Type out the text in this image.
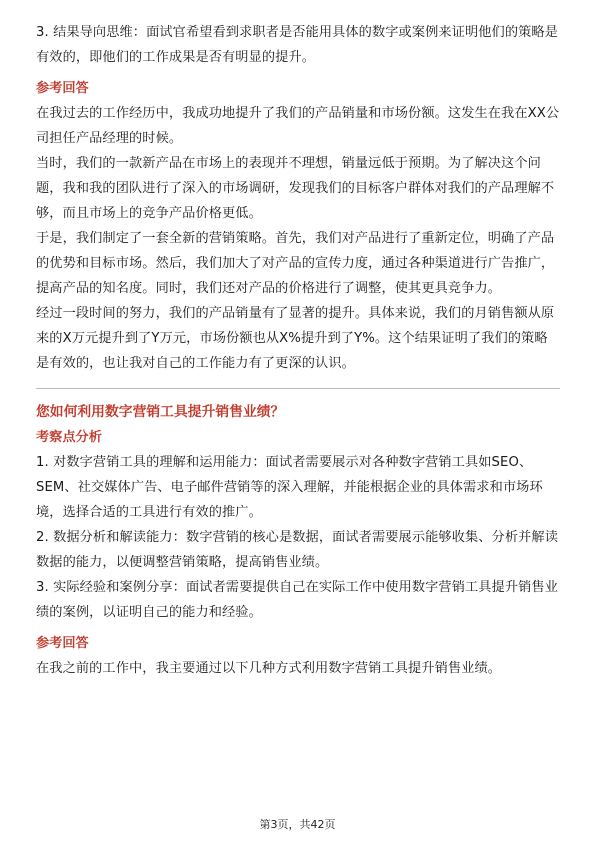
3. 结果导向思维：面试官希望看到求职者是否能用具体的数字或案例来证明他们的策略是有效的，即他们的工作成果是否有明显的提升。

参考回答

在我过去的工作经历中，我成功地提升了我们的产品销量和市场份额。这发生在我在XX公司担任产品经理的时候。

当时，我们的一款新产品在市场上的表现并不理想，销量远低于预期。为了解决这个问题，我和我的团队进行了深入的市场调研，发现我们的目标客户群体对我们的产品理解不够，而且市场上的竞争产品价格更低。

于是，我们制定了一套全新的营销策略。首先，我们对产品进行了重新定位，明确了产品的优势和目标市场。然后，我们加大了对产品的宣传力度，通过各种渠道进行广告推广，提高产品的知名度。同时，我们还对产品的价格进行了调整，使其更具竞争力。

经过一段时间的努力，我们的产品销量有了显著的提升。具体来说，我们的月销售额从原来的X万元提升到了Y万元，市场份额也从X%提升到了Y%。这个结果证明了我们的策略是有效的，也让我对自己的工作能力有了更深的认识。

您如何利用数字营销工具提升销售业绩？
考察点分析

1. 对数字营销工具的理解和运用能力：面试者需要展示对各种数字营销工具如SEO、SEM、社交媒体广告、电子邮件营销等的深入理解，并能根据企业的具体需求和市场环境，选择合适的工具进行有效的推广。

2. 数据分析和解读能力：数字营销的核心是数据，面试者需要展示能够收集、分析并解读数据的能力，以便调整营销策略，提高销售业绩。

3. 实际经验和案例分享：面试者需要提供自己在实际工作中使用数字营销工具提升销售业绩的案例，以证明自己的能力和经验。

参考回答

在我之前的工作中，我主要通过以下几种方式利用数字营销工具提升销售业绩。

第3页，共42页
